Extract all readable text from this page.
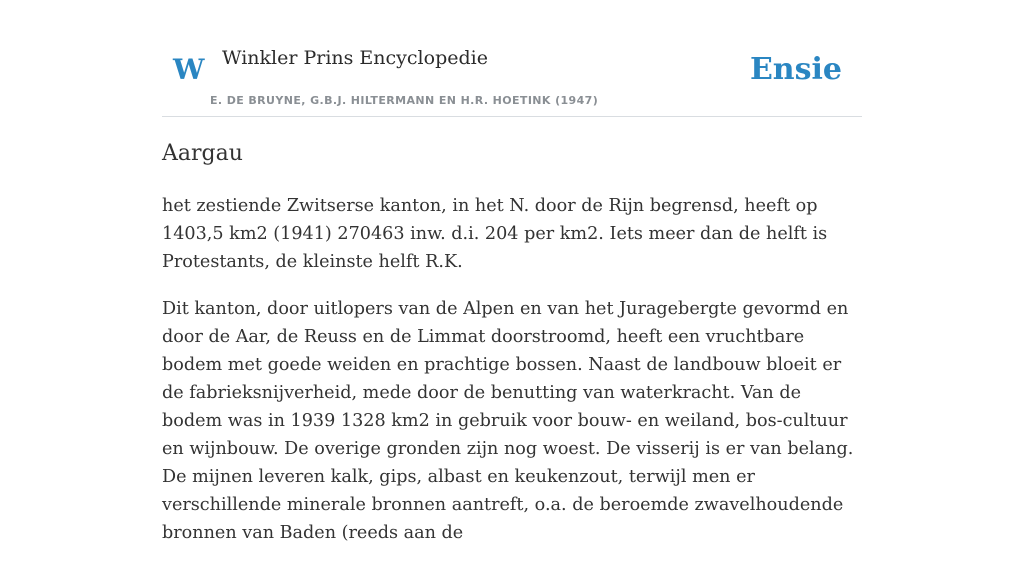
W Winkler Prins Encyclopedie
E. DE BRUYNE, G.B.J. HILTERMANN EN H.R. HOETINK (1947)
Ensie
Aargau

het zestiende Zwitserse kanton, in het N. door de Rijn begrensd, heeft op 1403,5 km2 (1941) 270463 inw. d.i. 204 per km2. Iets meer dan de helft is Protestants, de kleinste helft R.K.

Dit kanton, door uitlopers van de Alpen en van het Juragebergte gevormd en door de Aar, de Reuss en de Limmat doorstroomd, heeft een vruchtbare bodem met goede weiden en prachtige bossen. Naast de landbouw bloeit er de fabrieksnijverheid, mede door de benutting van waterkracht. Van de bodem was in 1939 1328 km2 in gebruik voor bouw- en weiland, bos-cultuur en wijnbouw. De overige gronden zijn nog woest. De visserij is er van belang. De mijnen leveren kalk, gips, albast en keukenzout, terwijl men er verschillende minerale bronnen aantreft, o.a. de beroemde zwavelhoudende bronnen van Baden (reeds aan de
